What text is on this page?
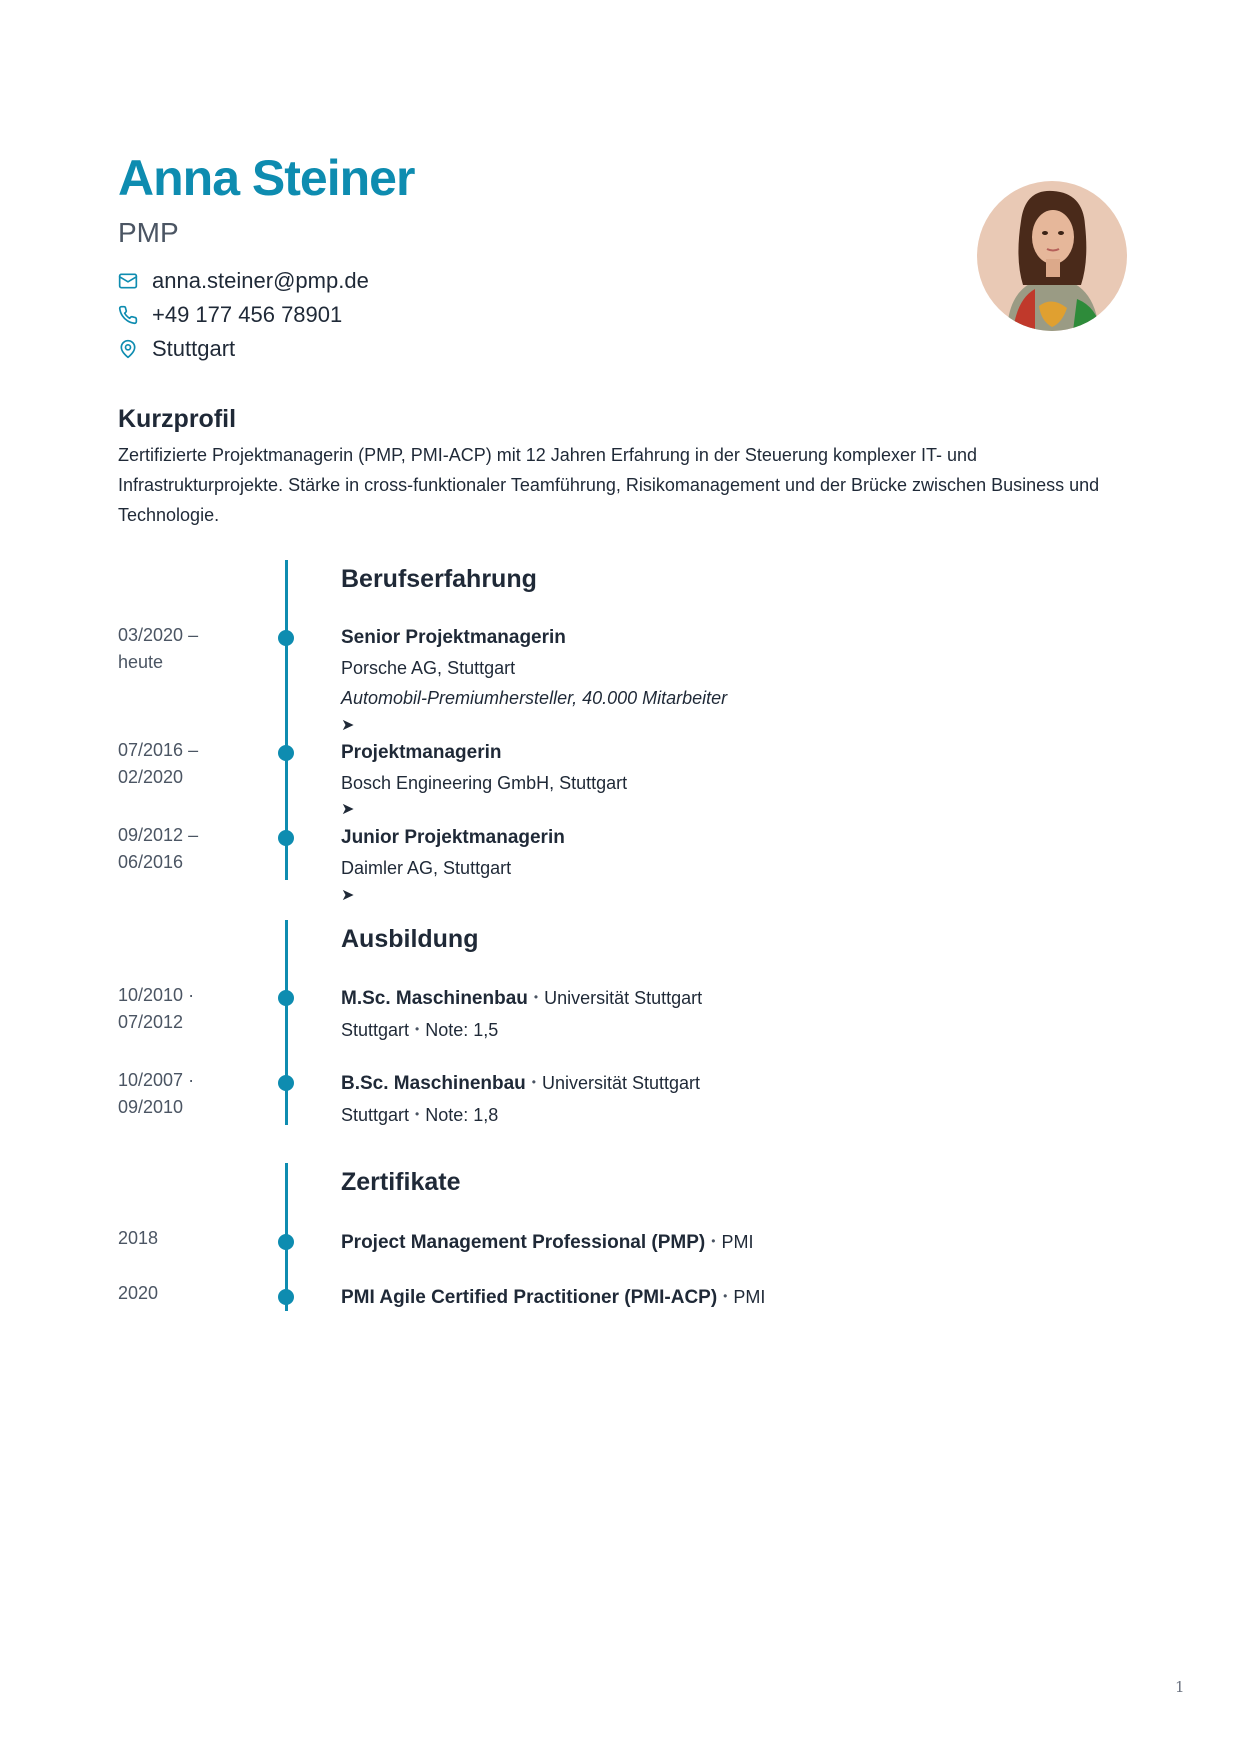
Anna Steiner
PMP
anna.steiner@pmp.de
+49 177 456 78901
Stuttgart
Kurzprofil

Zertifizierte Projektmanagerin (PMP, PMI-ACP) mit 12 Jahren Erfahrung in der Steuerung komplexer IT- und Infrastrukturprojekte. Stärke in cross-funktionaler Teamführung, Risikomanagement und der Brücke zwischen Business und Technologie.

Berufserfahrung
03/2020 –
heute
Senior Projektmanagerin
Porsche AG, Stuttgart
Automobil-Premiumhersteller, 40.000 Mitarbeiter
➤
07/2016 –
02/2020
Projektmanagerin
Bosch Engineering GmbH, Stuttgart
➤
09/2012 –
06/2016
Junior Projektmanagerin
Daimler AG, Stuttgart
➤
Ausbildung
10/2010 ·
07/2012
M.Sc. Maschinenbau • Universität Stuttgart
Stuttgart • Note: 1,5
10/2007 ·
09/2010
B.Sc. Maschinenbau • Universität Stuttgart
Stuttgart • Note: 1,8
Zertifikate
2018	Project Management Professional (PMP) • PMI
2020	PMI Agile Certified Practitioner (PMI-ACP) • PMI
1
